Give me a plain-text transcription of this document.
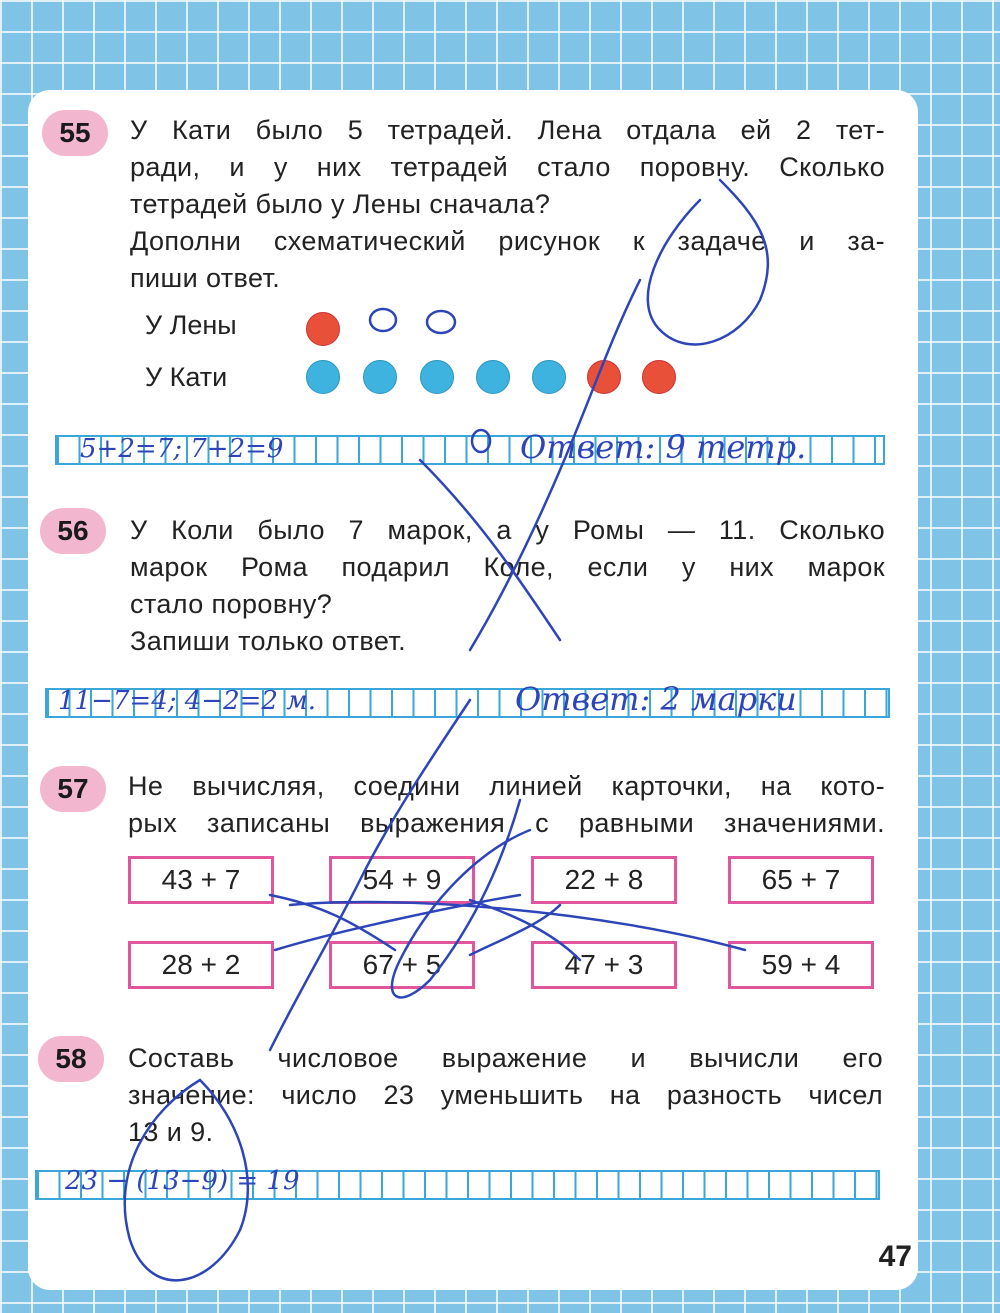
55	У Кати было 5 тетрадей. Лена отдала ей 2 тет-
ради, и у них тетрадей стало поровну. Сколько
тетрадей было у Лены сначала?
Дополни схематический рисунок к задаче и за-
пиши ответ.
У Лены
У Кати
5+2=7; 7+2=9	Ответ: 9 тетр.
56	У Коли было 7 марок, а у Ромы — 11. Сколько
марок Рома подарил Коле, если у них марок
стало поровну?
Запиши только ответ.
11−7=4; 4−2=2 м.	Ответ: 2 марки
57	Не вычисляя, соедини линией карточки, на кото-
рых записаны выражения с равными значениями.
43 + 7	54 + 9	22 + 8	65 + 7
28 + 2	67 + 5	47 + 3	59 + 4
58	Составь числовое выражение и вычисли его
значение: число 23 уменьшить на разность чисел
13 и 9.
23 − (13−9) = 19
47
